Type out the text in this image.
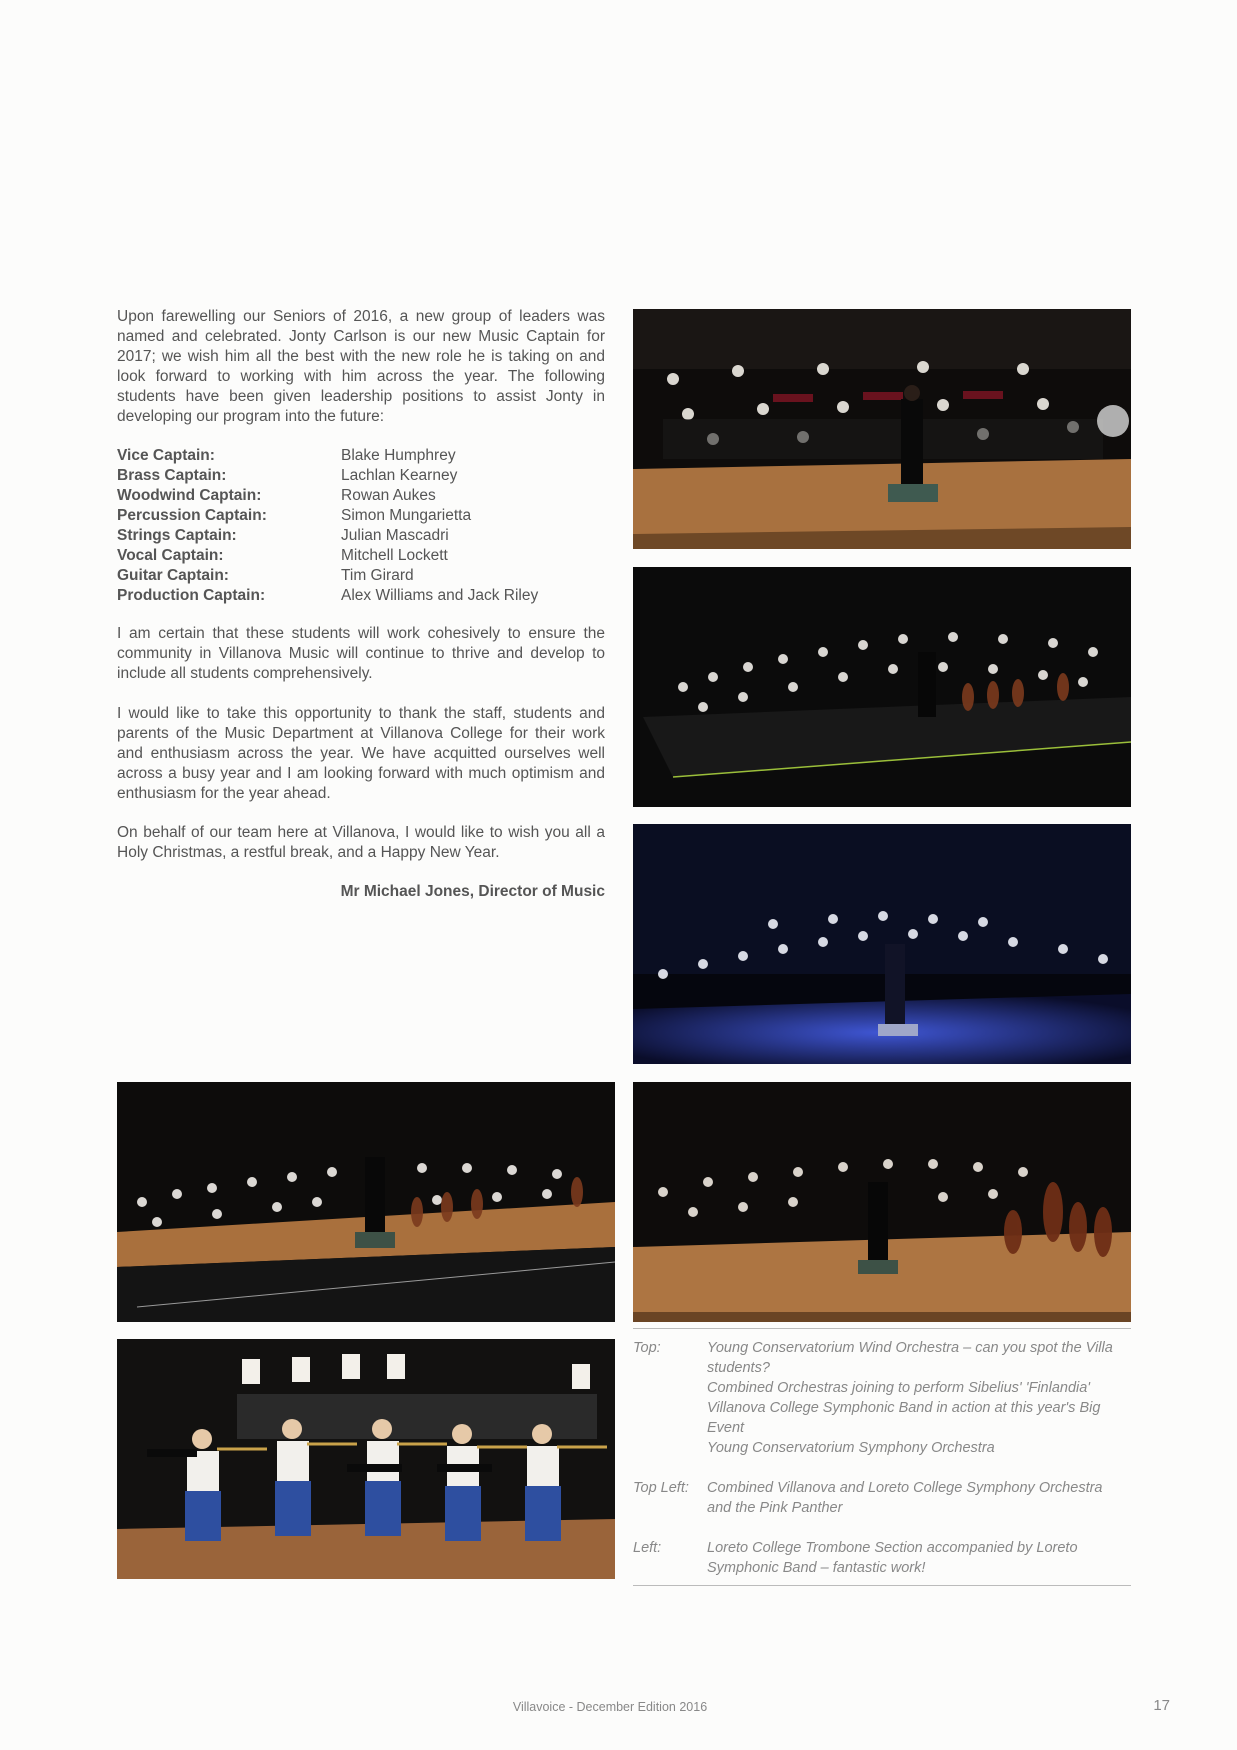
Upon farewelling our Seniors of 2016, a new group of leaders was named and celebrated. Jonty Carlson is our new Music Captain for 2017; we wish him all the best with the new role he is taking on and look forward to working with him across the year. The following students have been given leadership positions to assist Jonty in developing our program into the future:

Vice Captain:	Blake Humphrey
Brass Captain:	Lachlan Kearney
Woodwind Captain:	Rowan Aukes
Percussion Captain:	Simon Mungarietta
Strings Captain:	Julian Mascadri
Vocal Captain:	Mitchell Lockett
Guitar Captain:	Tim Girard
Production Captain:	Alex Williams and Jack Riley

I am certain that these students will work cohesively to ensure the community in Villanova Music will continue to thrive and develop to include all students comprehensively.

I would like to take this opportunity to thank the staff, students and parents of the Music Department at Villanova College for their work and enthusiasm across the year. We have acquitted ourselves well across a busy year and I am looking forward with much optimism and enthusiasm for the year ahead.

On behalf of our team here at Villanova, I would like to wish you all a Holy Christmas, a restful break, and a Happy New Year.

Mr Michael Jones, Director of Music

Top:	Young Conservatorium Wind Orchestra – can you spot the Villa
students?
Combined Orchestras joining to perform Sibelius' 'Finlandia'
Villanova College Symphonic Band in action at this year's Big
Event
Young Conservatorium Symphony Orchestra
Top Left:	Combined Villanova and Loreto College Symphony Orchestra
and the Pink Panther
Left:	Loreto College Trombone Section accompanied by Loreto
Symphonic Band – fantastic work!

Villavoice - December Edition 2016	17
